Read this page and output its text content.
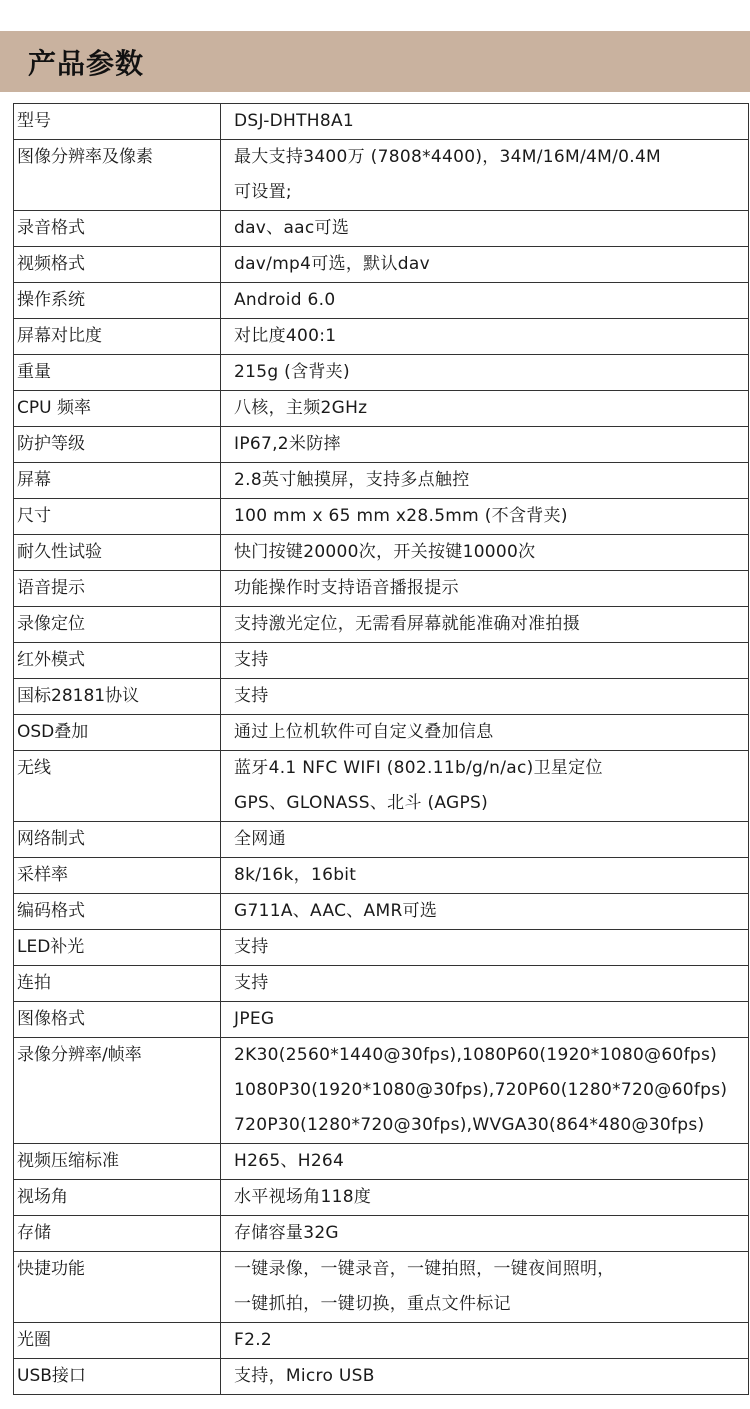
产品参数
型号	DSJ-DHTH8A1

图像分辨率及像素	最大支持3400万 (7808*4400)，34M/16M/4M/0.4M
可设置;

录音格式	dav、aac可选

视频格式	dav/mp4可选，默认dav

操作系统	Android 6.0

屏幕对比度	对比度400:1

重量	215g (含背夹)

CPU 频率	八核，主频2GHz

防护等级	IP67,2米防摔

屏幕	2.8英寸触摸屏，支持多点触控

尺寸	100 mm x 65 mm x28.5mm (不含背夹)

耐久性试验	快门按键20000次，开关按键10000次

语音提示	功能操作时支持语音播报提示

录像定位	支持激光定位，无需看屏幕就能准确对准拍摄

红外模式	支持

国标28181协议	支持

OSD叠加	通过上位机软件可自定义叠加信息

无线	蓝牙4.1 NFC WIFI (802.11b/g/n/ac)卫星定位
GPS、GLONASS、北斗 (AGPS)

网络制式	全网通

采样率	8k/16k，16bit

编码格式	G711A、AAC、AMR可选

LED补光	支持

连拍	支持

图像格式	JPEG

录像分辨率/帧率	2K30(2560*1440@30fps),1080P60(1920*1080@60fps)
1080P30(1920*1080@30fps),720P60(1280*720@60fps)
720P30(1280*720@30fps),WVGA30(864*480@30fps)

视频压缩标准	H265、H264

视场角	水平视场角118度

存储	存储容量32G

快捷功能	一键录像，一键录音，一键拍照，一键夜间照明，
一键抓拍，一键切换，重点文件标记

光圈	F2.2

USB接口	支持，Micro USB
